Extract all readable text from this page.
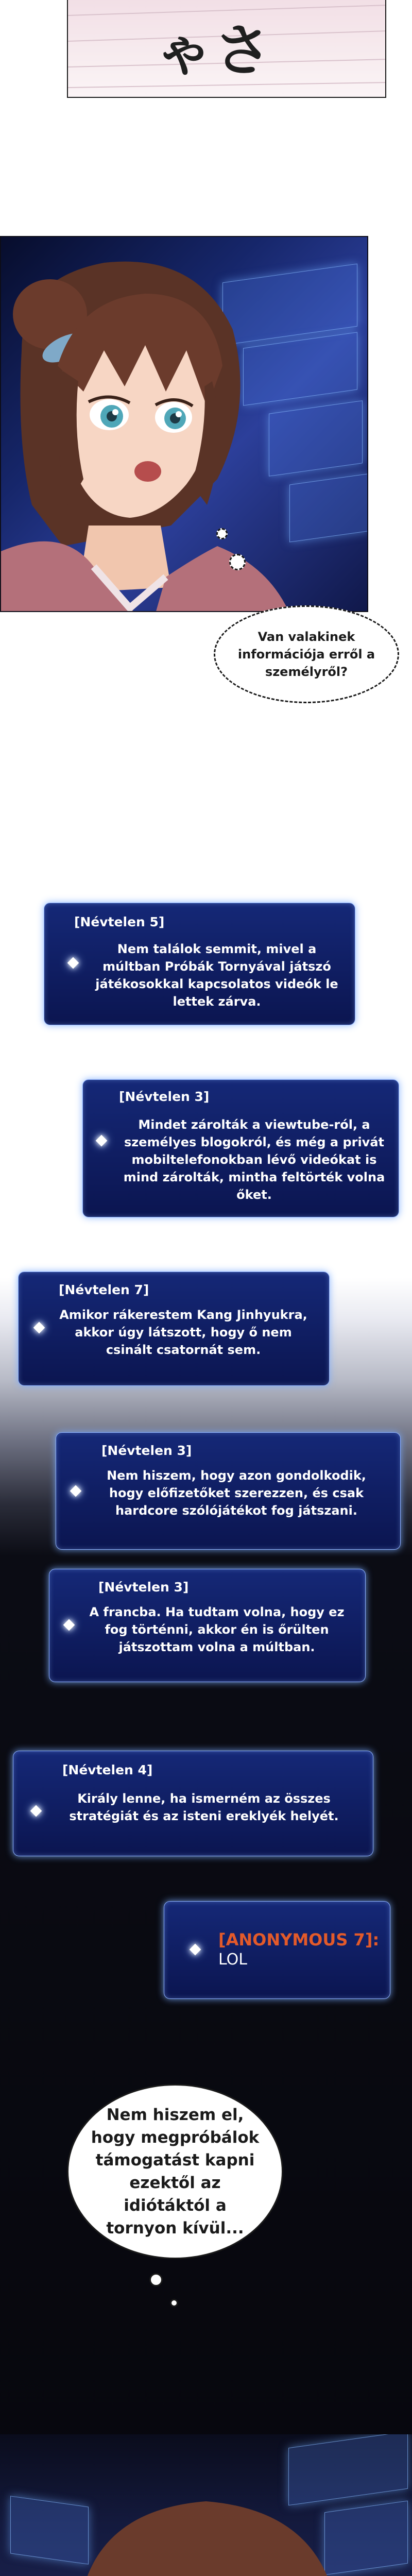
ゃさ
Van valakinek információja erről a személyről?
[Névtelen 5]
Nem találok semmit, mivel a múltban Próbák Tornyával játszó játékosokkal kapcsolatos videók le lettek zárva.
[Névtelen 3]
Mindet zárolták a viewtube-ról, a személyes blogokról, és még a privát mobiltelefonokban lévő videókat is mind zárolták, mintha feltörték volna őket.
[Névtelen 7]
Amikor rákerestem Kang Jinhyukra, akkor úgy látszott, hogy ő nem csinált csatornát sem.
[Névtelen 3]
Nem hiszem, hogy azon gondolkodik, hogy előfizetőket szerezzen, és csak hardcore szólójátékot fog játszani.
[Névtelen 3]
A francba. Ha tudtam volna, hogy ez fog történni, akkor én is őrülten játszottam volna a múltban.
[Névtelen 4]
Király lenne, ha ismerném az összes stratégiát és az isteni ereklyék helyét.
[ANONYMOUS 7]:
LOL
Nem hiszem el, hogy megpróbálok támogatást kapni ezektől az idiótáktól a tornyon kívül...
